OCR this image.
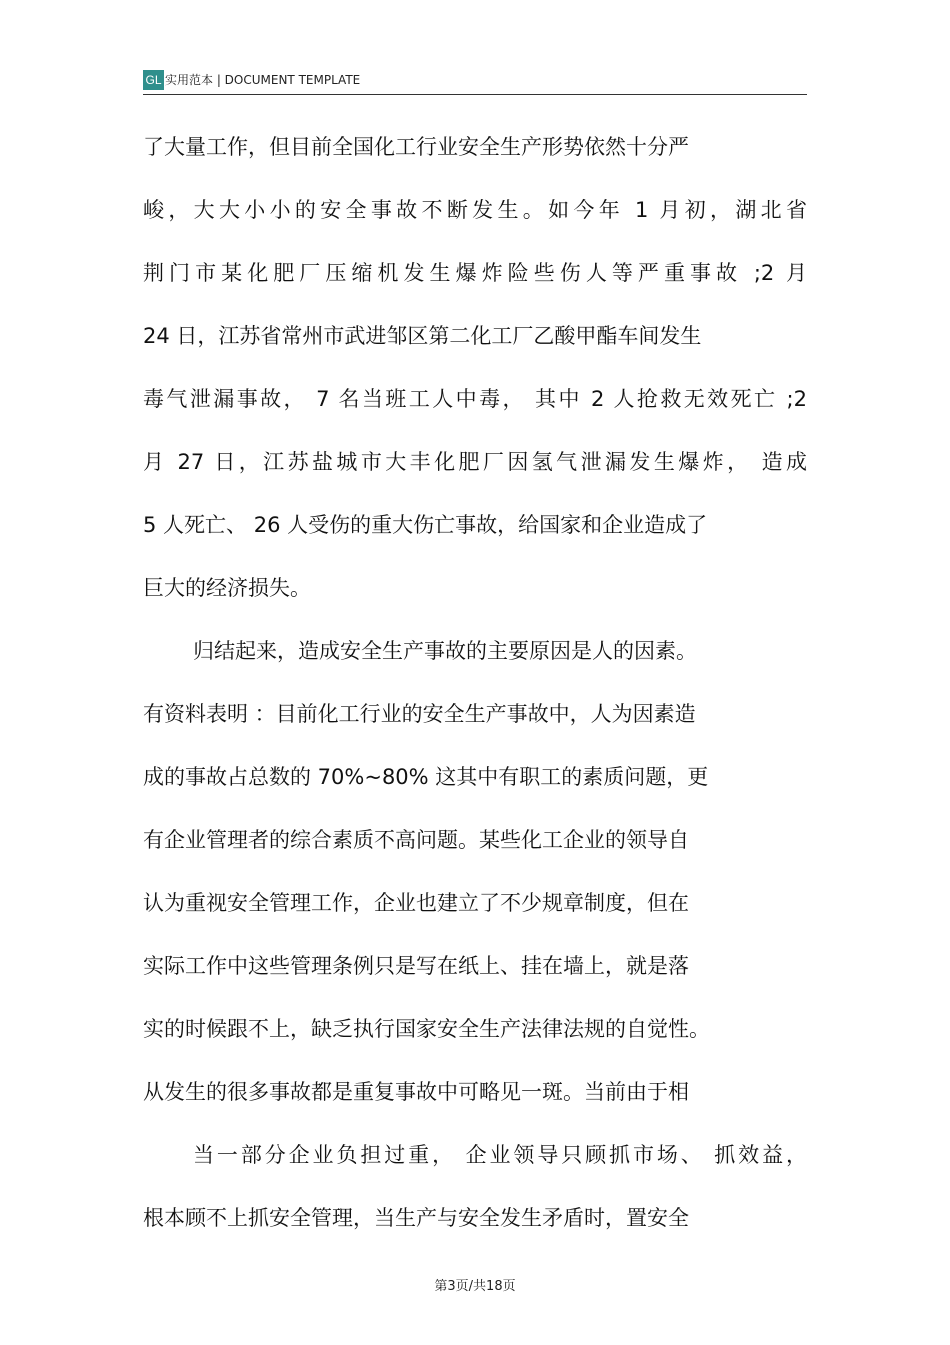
GL 实用范本 | DOCUMENT TEMPLATE
了大量工作，但目前全国化工行业安全生产形势依然十分严
峻，大大小小的安全事故不断发生。如今年 1 月初，湖北省
荆门市某化肥厂压缩机发生爆炸险些伤人等严重事故 ;2 月
24 日，江苏省常州市武进邹区第二化工厂乙酸甲酯车间发生
毒气泄漏事故， 7 名当班工人中毒， 其中 2 人抢救无效死亡 ;2
月 27 日，江苏盐城市大丰化肥厂因氢气泄漏发生爆炸， 造成
5 人死亡、 26 人受伤的重大伤亡事故，给国家和企业造成了
巨大的经济损失。
归结起来，造成安全生产事故的主要原因是人的因素。
有资料表明 ：目前化工行业的安全生产事故中，人为因素造
成的事故占总数的 70%~80% 这其中有职工的素质问题，更
有企业管理者的综合素质不高问题。某些化工企业的领导自
认为重视安全管理工作，企业也建立了不少规章制度，但在
实际工作中这些管理条例只是写在纸上、挂在墙上，就是落
实的时候跟不上，缺乏执行国家安全生产法律法规的自觉性。
从发生的很多事故都是重复事故中可略见一斑。当前由于相
当一部分企业负担过重， 企业领导只顾抓市场、 抓效益，
根本顾不上抓安全管理，当生产与安全发生矛盾时，置安全
第3页/共18页
